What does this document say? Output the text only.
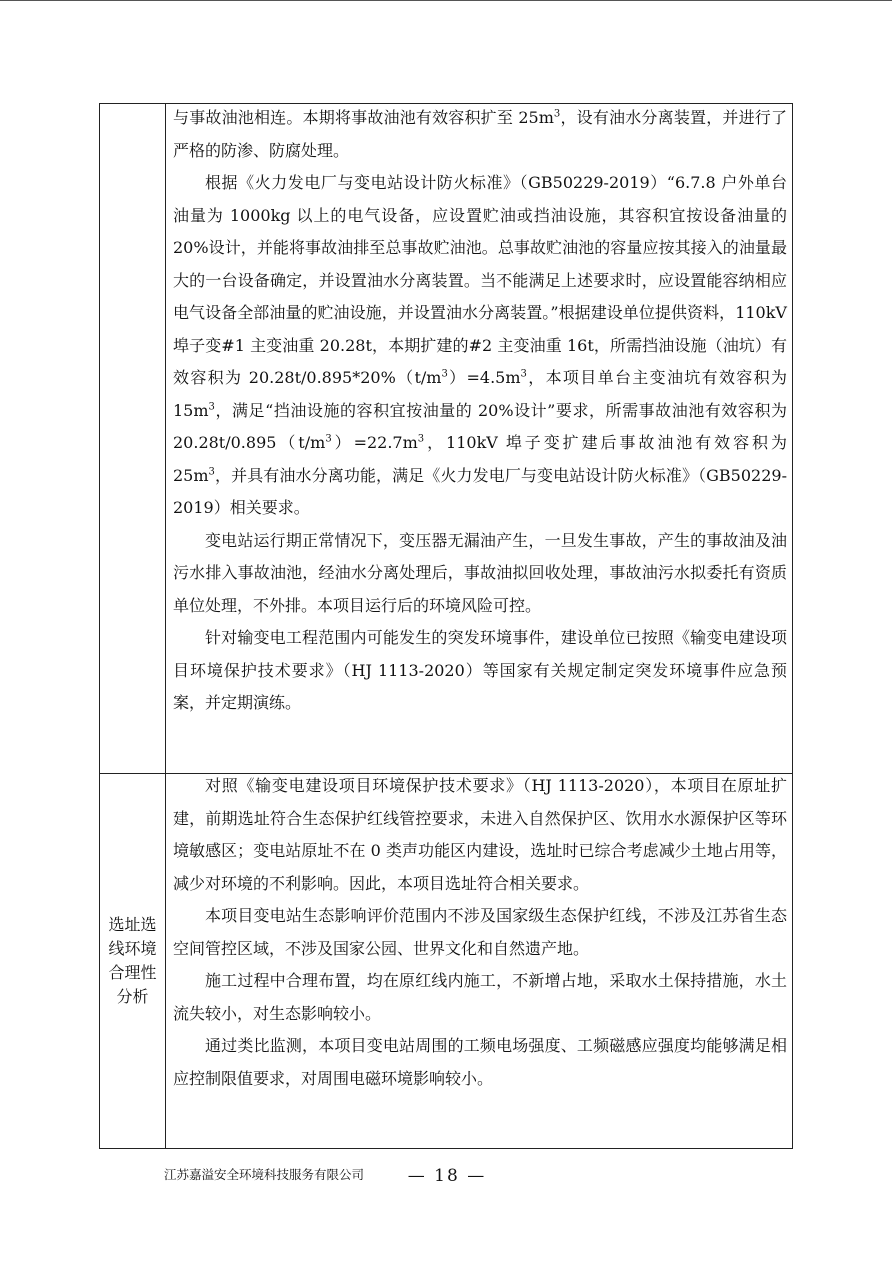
选址选
线环境
合理性
分析

与事故油池相连。本期将事故油池有效容积扩至 $25m^3$，设有油水分离装置，并进行了严格的防渗、防腐处理。

根据《火力发电厂与变电站设计防火标准》（GB50229-2019）“6.7.8 户外单台油量为 1000kg 以上的电气设备，应设置贮油或挡油设施，其容积宜按设备油量的 20%设计，并能将事故油排至总事故贮油池。总事故贮油池的容量应按其接入的油量最大的一台设备确定，并设置油水分离装置。当不能满足上述要求时，应设置能容纳相应电气设备全部油量的贮油设施，并设置油水分离装置。”根据建设单位提供资料，110kV 埠子变#1 主变油重 20.28t，本期扩建的#2 主变油重 16t，所需挡油设施（油坑）有效容积为 $20.28t/0.895*20\%(t/m^3)=4.5m^3$，本项目单台主变油坑有效容积为 $15m^3$，满足“挡油设施的容积宜按油量的 20%设计”要求，所需事故油池有效容积为 $20.28t/0.895(t/m^3)=22.7m^3$，110kV 埠子变扩建后事故油池有效容积为 $25m^3$，并具有油水分离功能，满足《火力发电厂与变电站设计防火标准》（GB50229-2019）相关要求。

变电站运行期正常情况下，变压器无漏油产生，一旦发生事故，产生的事故油及油污水排入事故油池，经油水分离处理后，事故油拟回收处理，事故油污水拟委托有资质单位处理，不外排。本项目运行后的环境风险可控。

针对输变电工程范围内可能发生的突发环境事件，建设单位已按照《输变电建设项目环境保护技术要求》（HJ 1113-2020）等国家有关规定制定突发环境事件应急预案，并定期演练。

对照《输变电建设项目环境保护技术要求》（HJ 1113-2020），本项目在原址扩建，前期选址符合生态保护红线管控要求，未进入自然保护区、饮用水水源保护区等环境敏感区；变电站原址不在 0 类声功能区内建设，选址时已综合考虑减少土地占用等，减少对环境的不利影响。因此，本项目选址符合相关要求。

本项目变电站生态影响评价范围内不涉及国家级生态保护红线，不涉及江苏省生态空间管控区域，不涉及国家公园、世界文化和自然遗产地。

施工过程中合理布置，均在原红线内施工，不新增占地，采取水土保持措施，水土流失较小，对生态影响较小。

通过类比监测，本项目变电站周围的工频电场强度、工频磁感应强度均能够满足相应控制限值要求，对周围电磁环境影响较小。

江苏嘉溢安全环境科技服务有限公司	— 18 —
